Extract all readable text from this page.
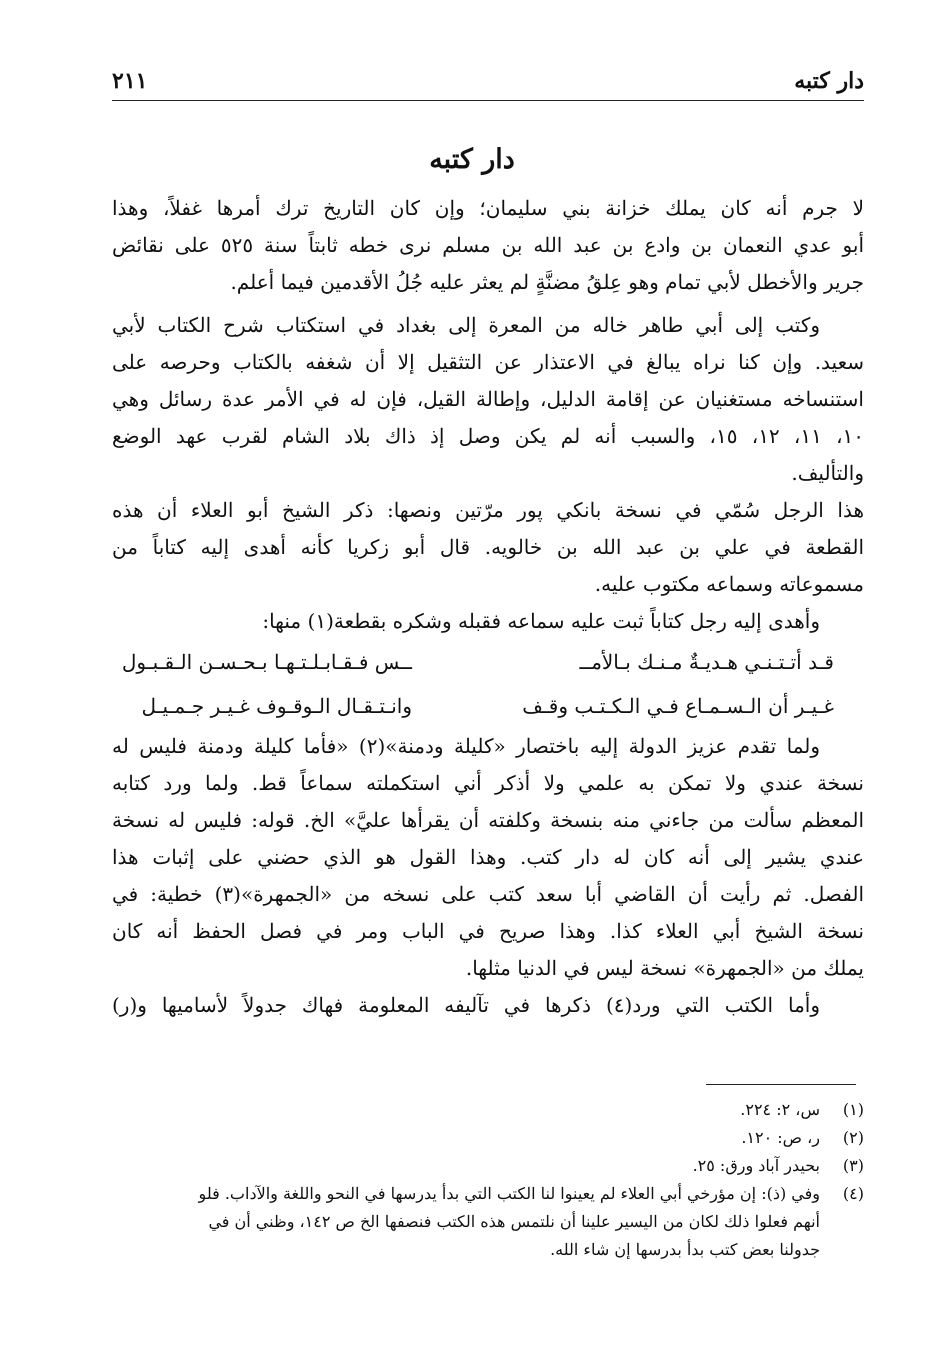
دار كتبه
٢١١
دار كتبه
لا جرم أنه كان يملك خزانة بني سليمان؛ وإن كان التاريخ ترك أمرها غفلاً، وهذا
أبو عدي النعمان بن وادع بن عبد الله بن مسلم نرى خطه ثابتاً سنة ٥٢٥ على نقائض
جرير والأخطل لأبي تمام وهو عِلقُ مضنَّةٍ لم يعثر عليه جُلُ الأقدمين فيما أعلم.
وكتب إلى أبي طاهر خاله من المعرة إلى بغداد في استكتاب شرح الكتاب لأبي
سعيد. وإن كنا نراه يبالغ في الاعتذار عن التثقيل إلا أن شغفه بالكتاب وحرصه على
استنساخه مستغنيان عن إقامة الدليل، وإطالة القيل، فإن له في الأمر عدة رسائل وهي
١٠، ١١، ١٢، ١٥، والسبب أنه لم يكن وصل إذ ذاك بلاد الشام لقرب عهد الوضع
والتأليف.
هذا الرجل سُمّي في نسخة بانكي پور مرّتين ونصها: ذكر الشيخ أبو العلاء أن هذه
القطعة في علي بن عبد الله بن خالويه. قال أبو زكريا كأنه أهدى إليه كتاباً من
مسموعاته وسماعه مكتوب عليه.
وأهدى إليه رجل كتاباً ثبت عليه سماعه فقبله وشكره بقطعة(١) منها:
قـد أتـتـنـي هـديـةٌ مـنـك بـالأمــ
ــس فـقـابـلـتـهـا بـحـسـن الـقـبـول
غـيـر أن الـسـمـاع فـي الـكـتـب وقـف
وانـتـقـال الـوقـوف غـيـر جـمـيـل
ولما تقدم عزيز الدولة إليه باختصار «كليلة ودمنة»(٢) «فأما كليلة ودمنة فليس له
نسخة عندي ولا تمكن به علمي ولا أذكر أني استكملته سماعاً قط. ولما ورد كتابه
المعظم سألت من جاءني منه بنسخة وكلفته أن يقرأها عليَّ» الخ. قوله: فليس له نسخة
عندي يشير إلى أنه كان له دار كتب. وهذا القول هو الذي حضني على إثبات هذا
الفصل. ثم رأيت أن القاضي أبا سعد كتب على نسخه من «الجمهرة»(٣) خطية: في
نسخة الشيخ أبي العلاء كذا. وهذا صريح في الباب ومر في فصل الحفظ أنه كان
يملك من «الجمهرة» نسخة ليس في الدنيا مثلها.
وأما الكتب التي ورد(٤) ذكرها في تآليفه المعلومة فهاك جدولاً لأساميها و(ر)
(١)س، ٢: ٢٢٤.
(٢)ر، ص: ١٢٠.
(٣)بحيدر آباد ورق: ٢٥.
(٤)وفي (ذ): إن مؤرخي أبي العلاء لم يعينوا لنا الكتب التي بدأ يدرسها في النحو واللغة والآداب. فلو
أنهم فعلوا ذلك لكان من اليسير علينا أن نلتمس هذه الكتب فنصفها الخ ص ١٤٢، وظني أن في
جدولنا بعض كتب بدأ بدرسها إن شاء الله.
